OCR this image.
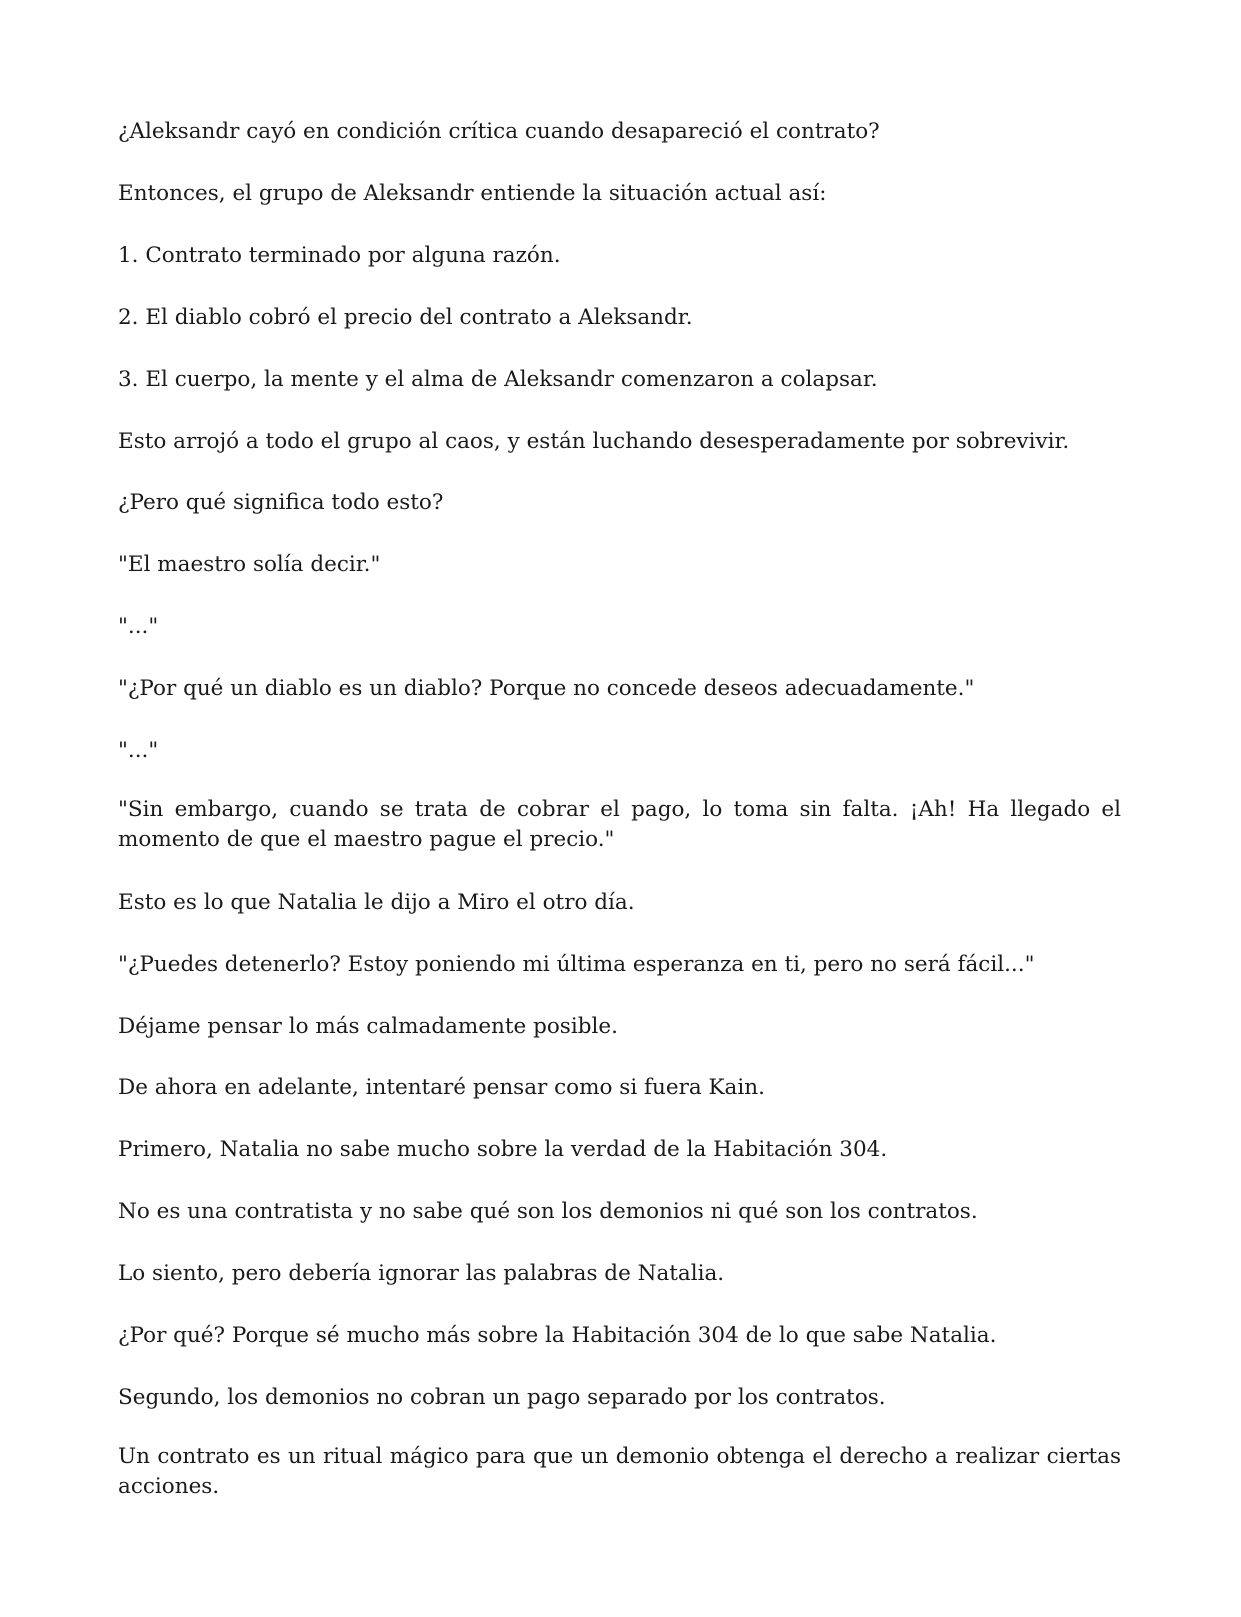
¿Aleksandr cayó en condición crítica cuando desapareció el contrato?

Entonces, el grupo de Aleksandr entiende la situación actual así:

1. Contrato terminado por alguna razón.

2. El diablo cobró el precio del contrato a Aleksandr.

3. El cuerpo, la mente y el alma de Aleksandr comenzaron a colapsar.

Esto arrojó a todo el grupo al caos, y están luchando desesperadamente por sobrevivir.

¿Pero qué significa todo esto?

"El maestro solía decir."

"..."

"¿Por qué un diablo es un diablo? Porque no concede deseos adecuadamente."

"..."

"Sin embargo, cuando se trata de cobrar el pago, lo toma sin falta. ¡Ah! Ha llegado el momento de que el maestro pague el precio."

Esto es lo que Natalia le dijo a Miro el otro día.

"¿Puedes detenerlo? Estoy poniendo mi última esperanza en ti, pero no será fácil..."

Déjame pensar lo más calmadamente posible.

De ahora en adelante, intentaré pensar como si fuera Kain.

Primero, Natalia no sabe mucho sobre la verdad de la Habitación 304.

No es una contratista y no sabe qué son los demonios ni qué son los contratos.

Lo siento, pero debería ignorar las palabras de Natalia.

¿Por qué? Porque sé mucho más sobre la Habitación 304 de lo que sabe Natalia.

Segundo, los demonios no cobran un pago separado por los contratos.

Un contrato es un ritual mágico para que un demonio obtenga el derecho a realizar ciertas acciones.
